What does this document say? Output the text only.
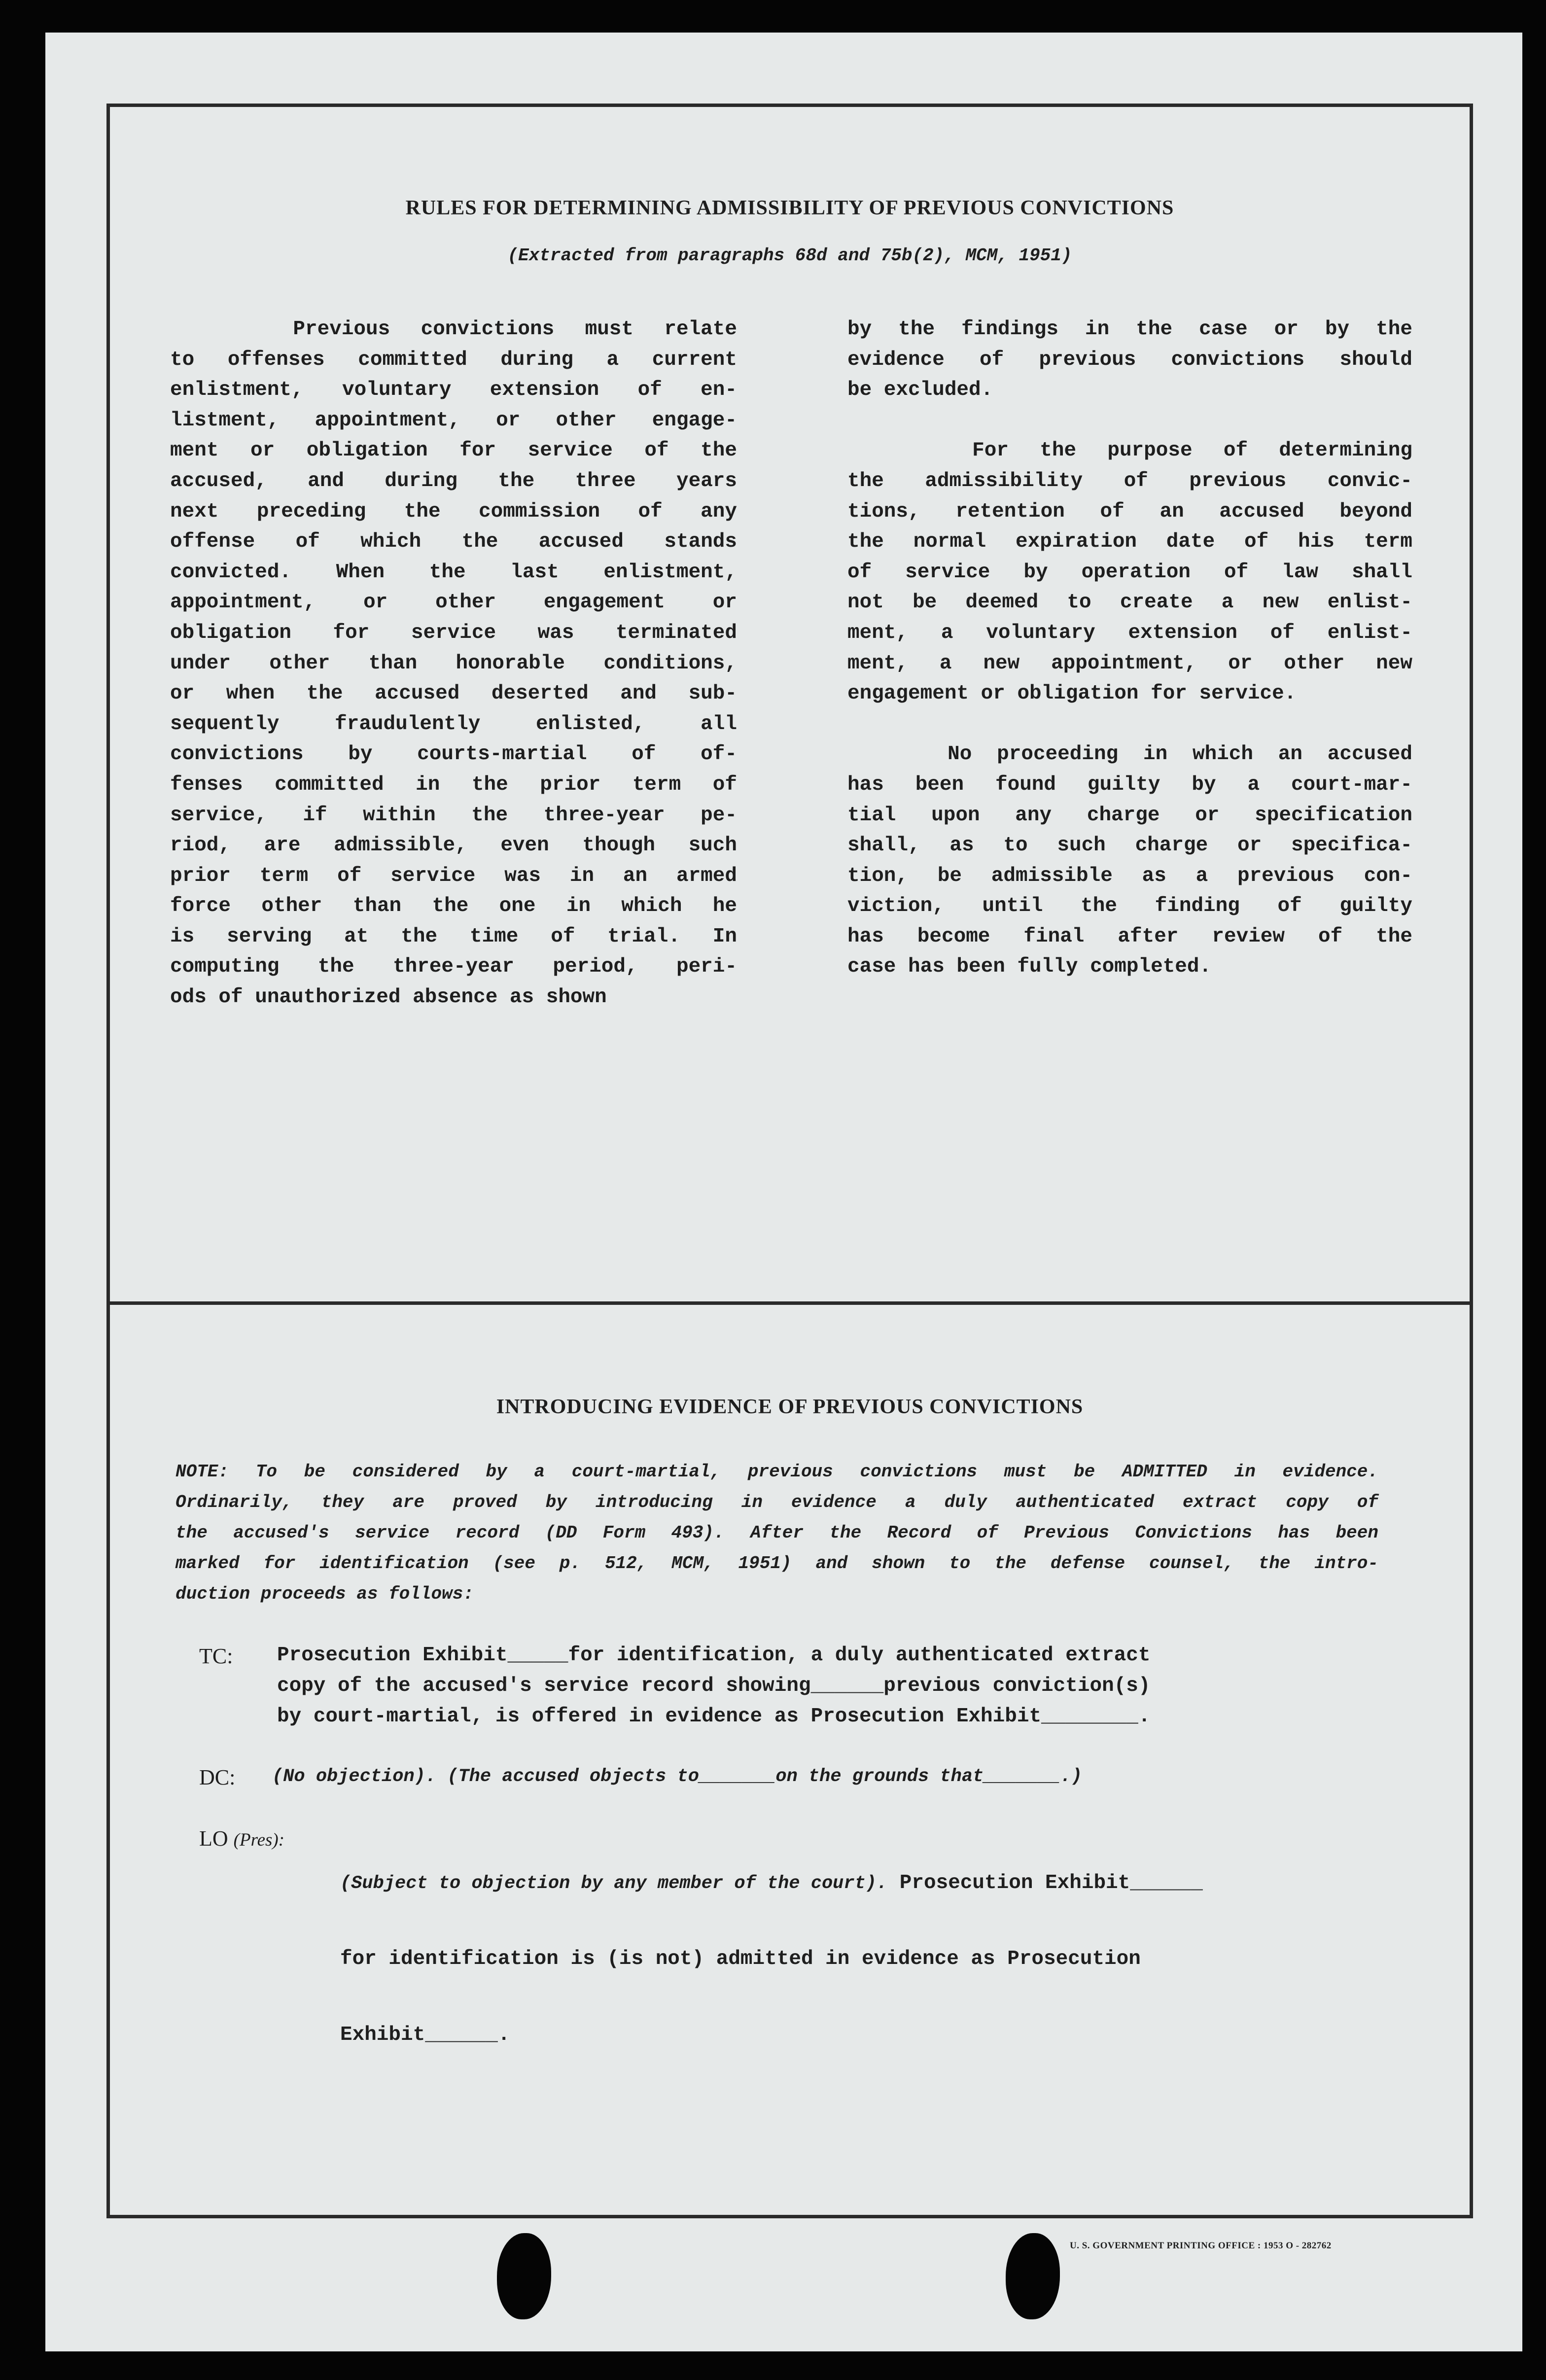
RULES FOR DETERMINING ADMISSIBILITY OF PREVIOUS CONVICTIONS
(Extracted from paragraphs 68d and 75b(2), MCM, 1951)
Previous convictions must relate
to offenses committed during a current
enlistment, voluntary extension of en-
listment, appointment, or other engage-
ment or obligation for service of the
accused, and during the three years
next preceding the commission of any
offense of which the accused stands
convicted. When the last enlistment,
appointment, or other engagement or
obligation for service was terminated
under other than honorable conditions,
or when the accused deserted and sub-
sequently fraudulently enlisted, all
convictions by courts-martial of of-
fenses committed in the prior term of
service, if within the three-year pe-
riod, are admissible, even though such
prior term of service was in an armed
force other than the one in which he
is serving at the time of trial. In
computing the three-year period, peri-
ods of unauthorized absence as shown
by the findings in the case or by the
evidence of previous convictions should
be excluded.
For the purpose of determining
the admissibility of previous convic-
tions, retention of an accused beyond
the normal expiration date of his term
of service by operation of law shall
not be deemed to create a new enlist-
ment, a voluntary extension of enlist-
ment, a new appointment, or other new
engagement or obligation for service.
No proceeding in which an accused
has been found guilty by a court-mar-
tial upon any charge or specification
shall, as to such charge or specifica-
tion, be admissible as a previous con-
viction, until the finding of guilty
has become final after review of the
case has been fully completed.
INTRODUCING EVIDENCE OF PREVIOUS CONVICTIONS
NOTE: To be considered by a court-martial, previous convictions must be ADMITTED in evidence.
Ordinarily, they are proved by introducing in evidence a duly authenticated extract copy of
the accused's service record (DD Form 493). After the Record of Previous Convictions has been
marked for identification (see p. 512, MCM, 1951) and shown to the defense counsel, the intro-
duction proceeds as follows:
TC: Prosecution Exhibit_____for identification, a duly authenticated extract
copy of the accused's service record showing______previous conviction(s)
by court-martial, is offered in evidence as Prosecution Exhibit________.
DC: (No objection). (The accused objects to_______on the grounds that_______.)
LO (Pres):

(Subject to objection by any member of the court). Prosecution Exhibit______

for identification is (is not) admitted in evidence as Prosecution

Exhibit______.

U. S. GOVERNMENT PRINTING OFFICE : 1953 O - 282762
